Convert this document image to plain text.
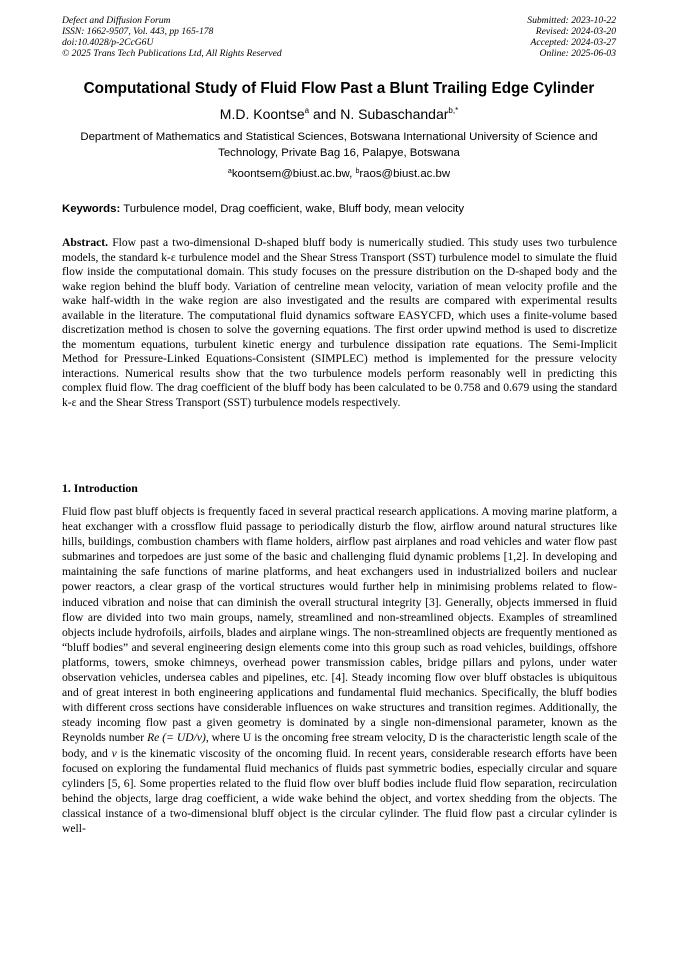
Defect and Diffusion Forum
ISSN: 1662-9507, Vol. 443, pp 165-178
doi:10.4028/p-2CcG6U
© 2025 Trans Tech Publications Ltd, All Rights Reserved
Submitted: 2023-10-22
Revised: 2024-03-20
Accepted: 2024-03-27
Online: 2025-06-03
Computational Study of Fluid Flow Past a Blunt Trailing Edge Cylinder
M.D. Koontse$^a$ and N. Subaschandar$^{b,*}$
Department of Mathematics and Statistical Sciences, Botswana International University of Science and Technology, Private Bag 16, Palapye, Botswana
$^a$koontsem@biust.ac.bw, $^b$raos@biust.ac.bw
Keywords: Turbulence model, Drag coefficient, wake, Bluff body, mean velocity
Abstract. Flow past a two-dimensional D-shaped bluff body is numerically studied. This study uses two turbulence models, the standard k-ε turbulence model and the Shear Stress Transport (SST) turbulence model to simulate the fluid flow inside the computational domain. This study focuses on the pressure distribution on the D-shaped body and the wake region behind the bluff body. Variation of centreline mean velocity, variation of mean velocity profile and the wake half-width in the wake region are also investigated and the results are compared with experimental results available in the literature. The computational fluid dynamics software EASYCFD, which uses a finite-volume based discretization method is chosen to solve the governing equations. The first order upwind method is used to discretize the momentum equations, turbulent kinetic energy and turbulence dissipation rate equations. The Semi-Implicit Method for Pressure-Linked Equations-Consistent (SIMPLEC) method is implemented for the pressure velocity interactions. Numerical results show that the two turbulence models perform reasonably well in predicting this complex fluid flow. The drag coefficient of the bluff body has been calculated to be 0.758 and 0.679 using the standard k-ε and the Shear Stress Transport (SST) turbulence models respectively.
1. Introduction
Fluid flow past bluff objects is frequently faced in several practical research applications. A moving marine platform, a heat exchanger with a crossflow fluid passage to periodically disturb the flow, airflow around natural structures like hills, buildings, combustion chambers with flame holders, airflow past airplanes and road vehicles and water flow past submarines and torpedoes are just some of the basic and challenging fluid dynamic problems [1,2]. In developing and maintaining the safe functions of marine platforms, and heat exchangers used in industrialized boilers and nuclear power reactors, a clear grasp of the vortical structures would further help in minimising problems related to flow-induced vibration and noise that can diminish the overall structural integrity [3]. Generally, objects immersed in fluid flow are divided into two main groups, namely, streamlined and non-streamlined objects. Examples of streamlined objects include hydrofoils, airfoils, blades and airplane wings. The non-streamlined objects are frequently mentioned as “bluff bodies” and several engineering design elements come into this group such as road vehicles, buildings, offshore platforms, towers, smoke chimneys, overhead power transmission cables, bridge pillars and pylons, under water observation vehicles, undersea cables and pipelines, etc. [4]. Steady incoming flow over bluff obstacles is ubiquitous and of great interest in both engineering applications and fundamental fluid mechanics. Specifically, the bluff bodies with different cross sections have considerable influences on wake structures and transition regimes. Additionally, the steady incoming flow past a given geometry is dominated by a single non-dimensional parameter, known as the Reynolds number Re (= UD/ν), where U is the oncoming free stream velocity, D is the characteristic length scale of the body, and ν is the kinematic viscosity of the oncoming fluid. In recent years, considerable research efforts have been focused on exploring the fundamental fluid mechanics of fluids past symmetric bodies, especially circular and square cylinders [5, 6]. Some properties related to the fluid flow over bluff bodies include fluid flow separation, recirculation behind the objects, large drag coefficient, a wide wake behind the object, and vortex shedding from the objects. The classical instance of a two-dimensional bluff object is the circular cylinder. The fluid flow past a circular cylinder is well-
